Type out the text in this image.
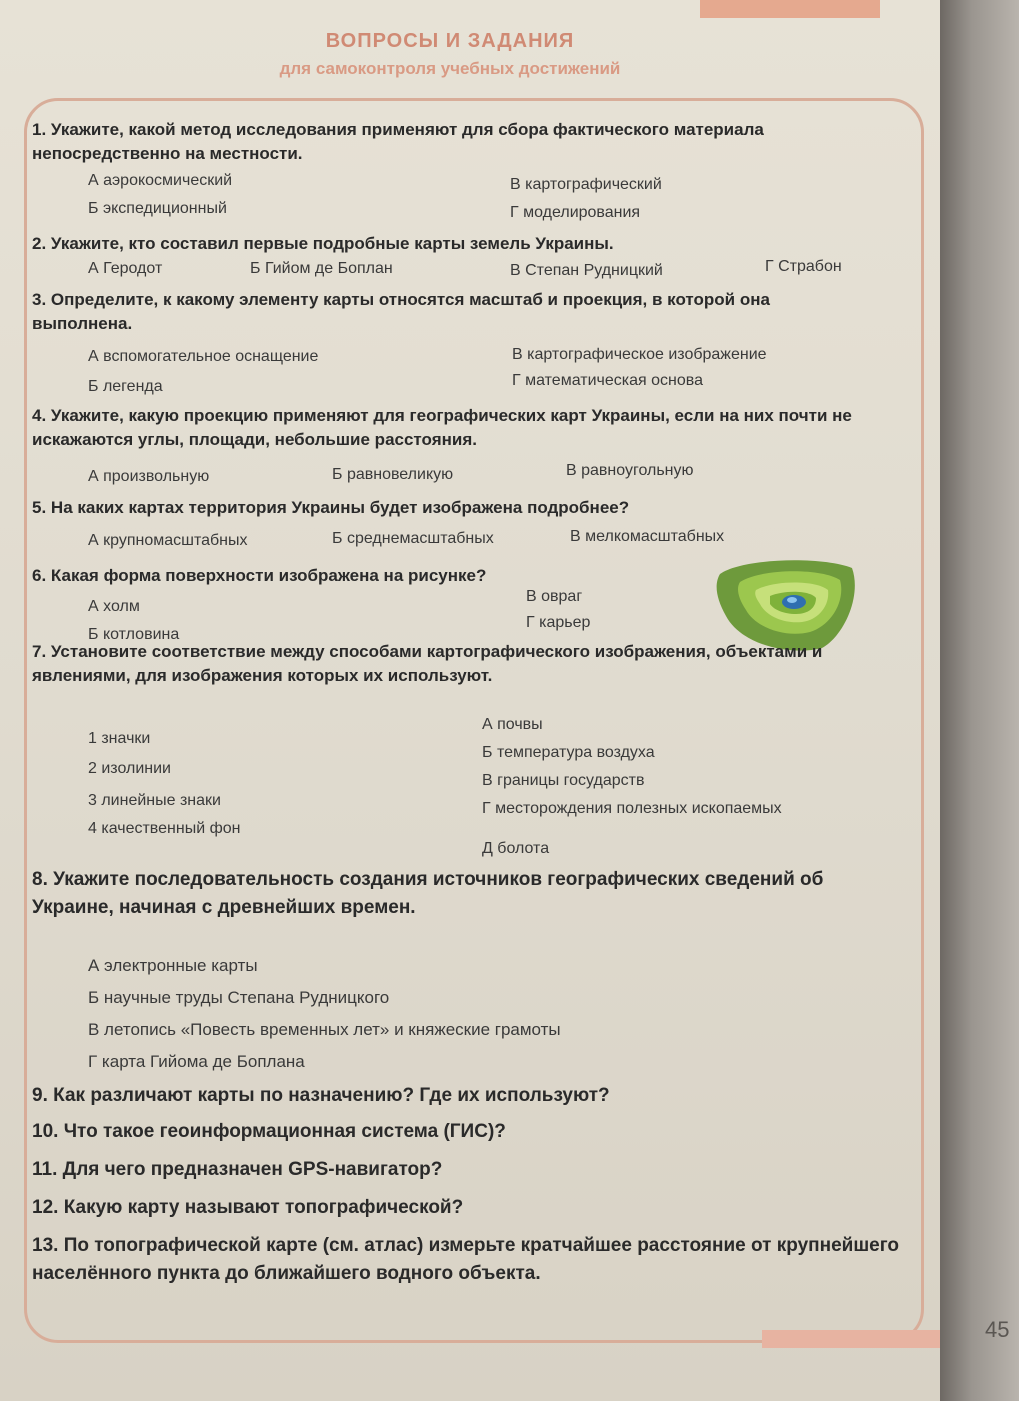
ВОПРОСЫ И ЗАДАНИЯ
для самоконтроля учебных достижений
1. Укажите, какой метод исследования применяют для сбора фактического материала непосредственно на местности.
А аэрокосмический
Б экспедиционный
В картографический
Г моделирования
2. Укажите, кто составил первые подробные карты земель Украины.
А Геродот	Б Гийом де Боплан	В Степан Рудницкий	Г Страбон
3. Определите, к какому элементу карты относятся масштаб и проекция, в которой она выполнена.
А вспомогательное оснащение
Б легенда
В картографическое изображение
Г математическая основа
4. Укажите, какую проекцию применяют для географических карт Украины, если на них почти не искажаются углы, площади, небольшие расстояния.
А произвольную	Б равновеликую	В равноугольную
5. На каких картах территория Украины будет изображена подробнее?
А крупномасштабных	Б среднемасштабных	В мелкомасштабных
6. Какая форма поверхности изображена на рисунке?
А холм
Б котловина
В овраг
Г карьер
7. Установите соответствие между способами картографического изображения, объектами и явлениями, для изображения которых их используют.
1 значки
2 изолинии
3 линейные знаки
4 качественный фон
А почвы
Б температура воздуха
В границы государств
Г месторождения полезных ископаемых
Д болота
8. Укажите последовательность создания источников географических сведений об Украине, начиная с древнейших времен.
А электронные карты
Б научные труды Степана Рудницкого
В летопись «Повесть временных лет» и княжеские грамоты
Г карта Гийома де Боплана
9. Как различают карты по назначению? Где их используют?
10. Что такое геоинформационная система (ГИС)?
11. Для чего предназначен GPS-навигатор?
12. Какую карту называют топографической?
13. По топографической карте (см. атлас) измерьте кратчайшее расстояние от крупнейшего населённого пункта до ближайшего водного объекта.
45
